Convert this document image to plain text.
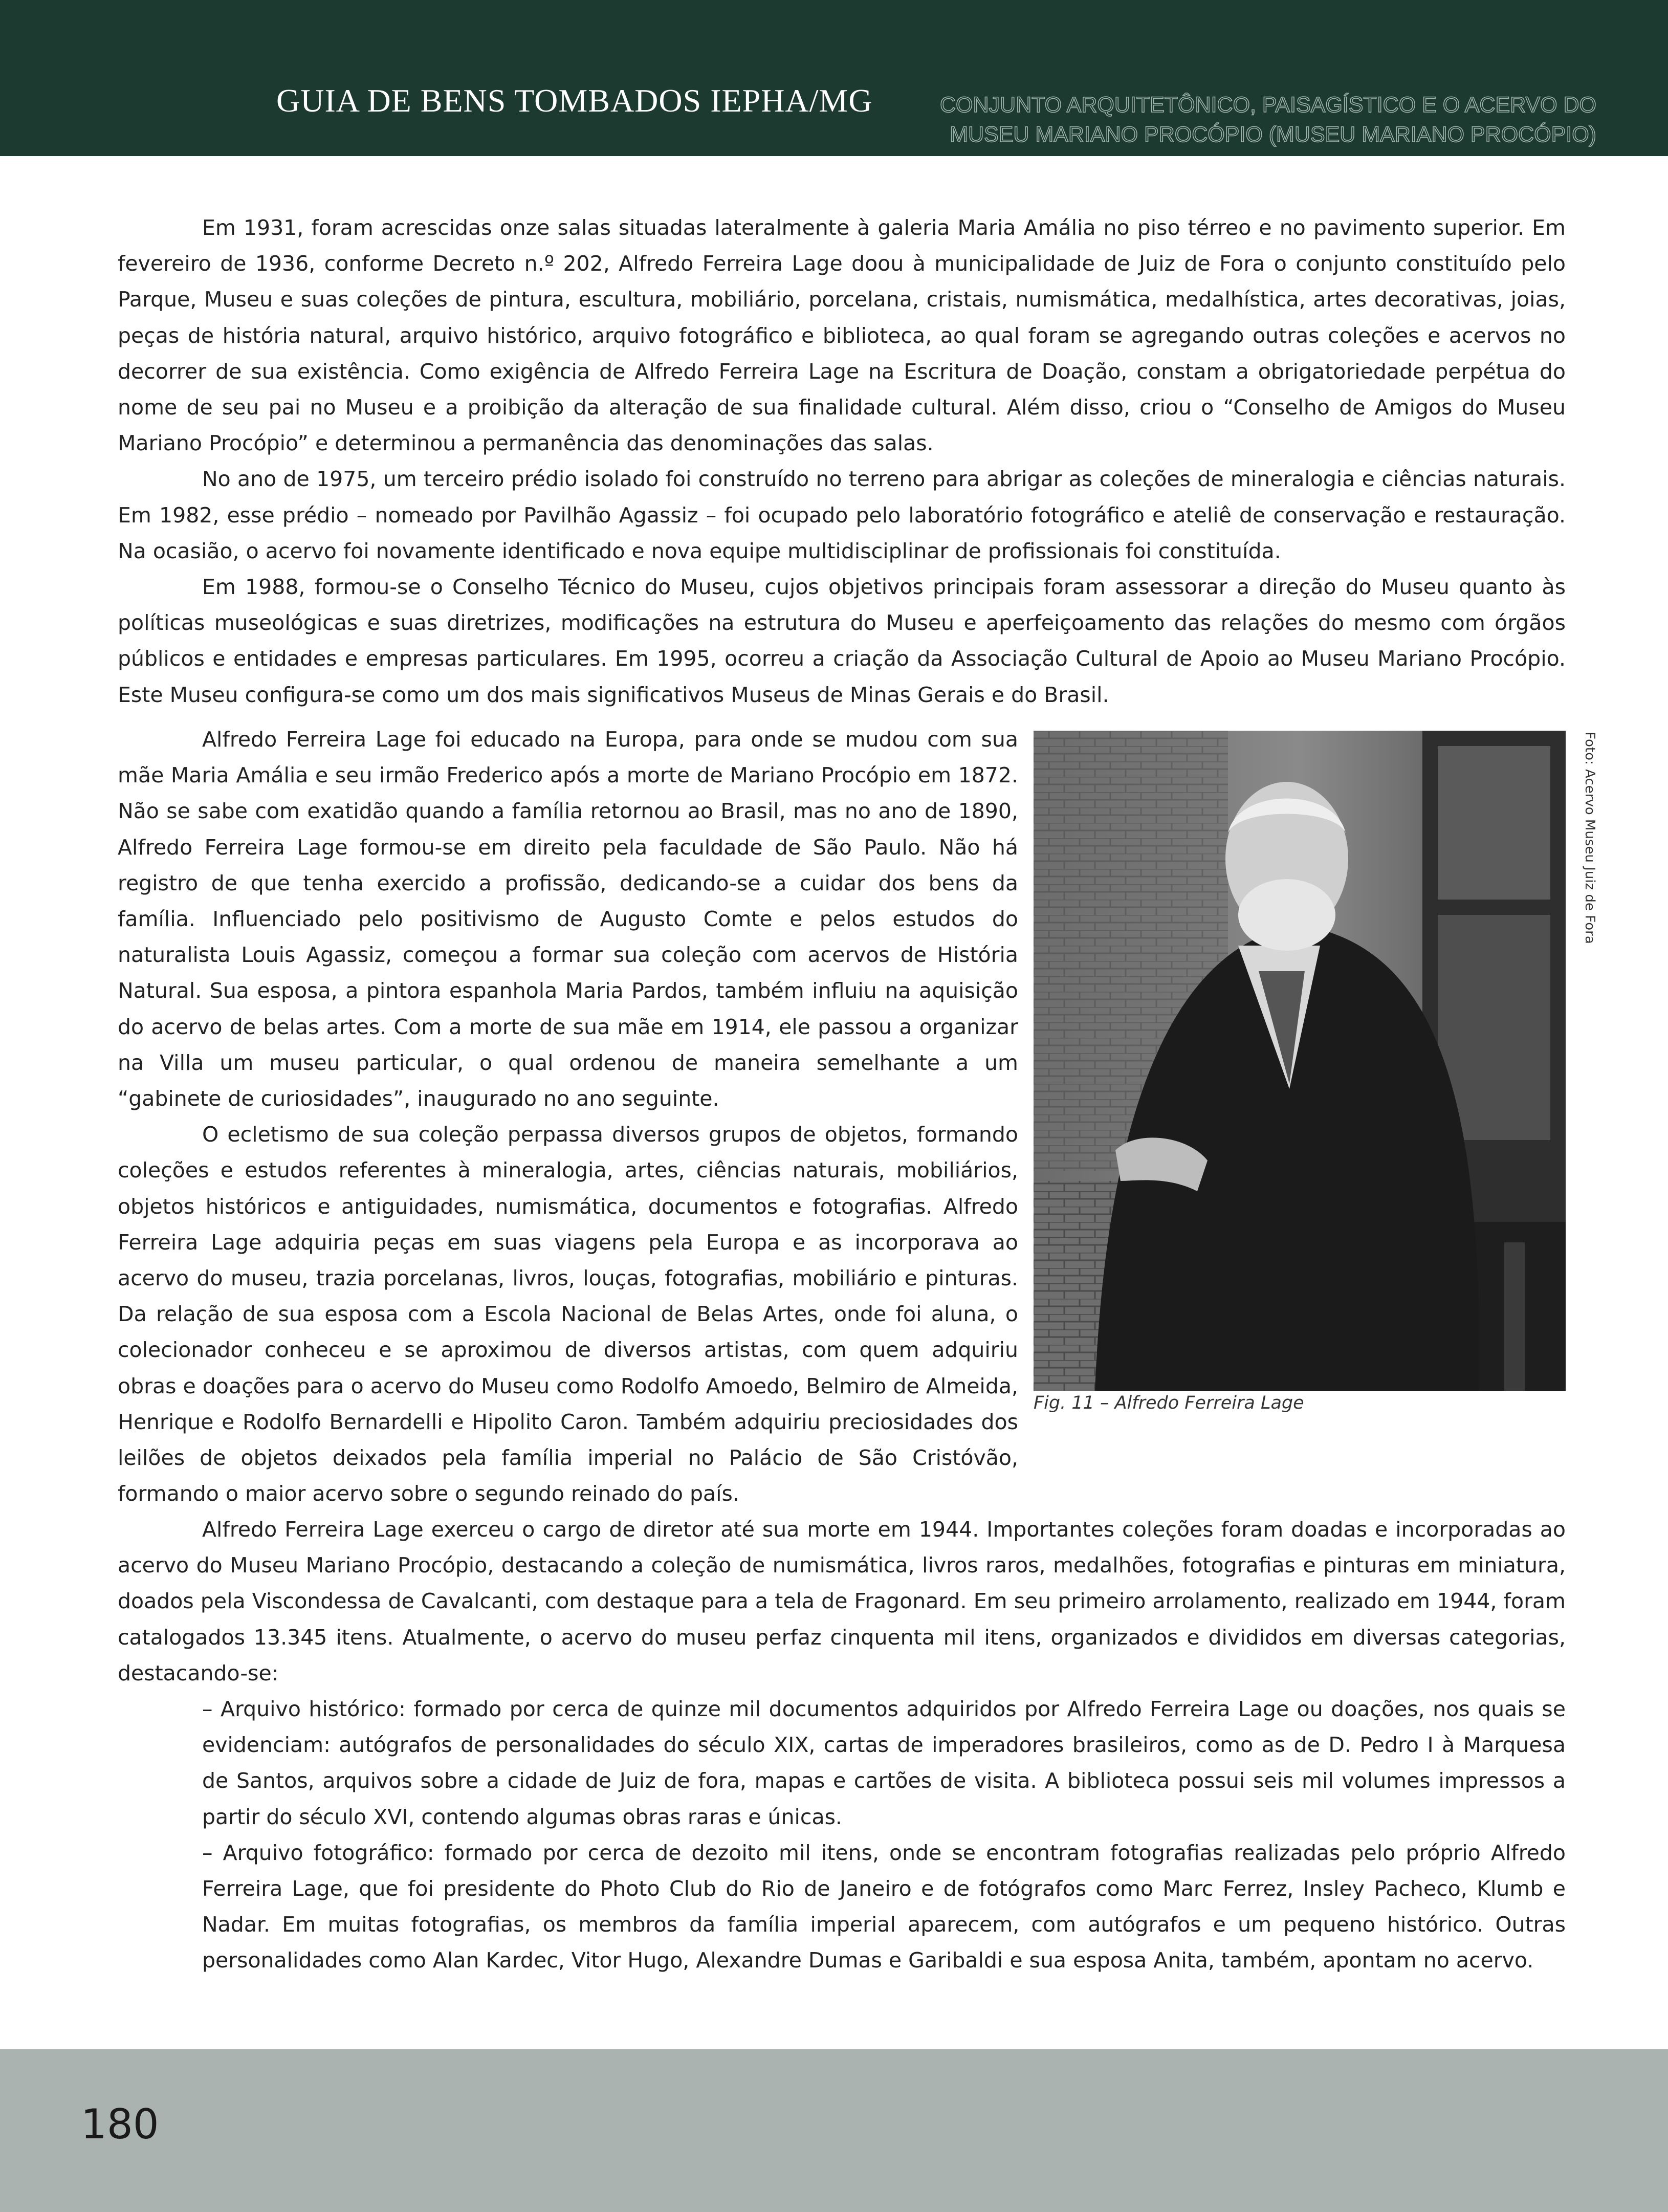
GUIA DE BENS TOMBADOS IEPHA/MG	CONJUNTO ARQUITETÔNICO, PAISAGÍSTICO E O ACERVO DO
MUSEU MARIANO PROCÓPIO (MUSEU MARIANO PROCÓPIO)

Em 1931, foram acrescidas onze salas situadas lateralmente à galeria Maria Amália no piso térreo e no pavimento superior. Em fevereiro de 1936, conforme Decreto n.º 202, Alfredo Ferreira Lage doou à municipalidade de Juiz de Fora o conjunto constituído pelo Parque, Museu e suas coleções de pintura, escultura, mobiliário, porcelana, cristais, numismática, medalhística, artes decorativas, joias, peças de história natural, arquivo histórico, arquivo fotográfico e biblioteca, ao qual foram se agregando outras coleções e acervos no decorrer de sua existência. Como exigência de Alfredo Ferreira Lage na Escritura de Doação, constam a obrigatoriedade perpétua do nome de seu pai no Museu e a proibição da alteração de sua finalidade cultural. Além disso, criou o “Conselho de Amigos do Museu Mariano Procópio” e determinou a permanência das denominações das salas.

No ano de 1975, um terceiro prédio isolado foi construído no terreno para abrigar as coleções de mineralogia e ciências naturais. Em 1982, esse prédio – nomeado por Pavilhão Agassiz – foi ocupado pelo laboratório fotográfico e ateliê de conservação e restauração. Na ocasião, o acervo foi novamente identificado e nova equipe multidisciplinar de profissionais foi constituída.

Em 1988, formou-se o Conselho Técnico do Museu, cujos objetivos principais foram assessorar a direção do Museu quanto às políticas museológicas e suas diretrizes, modificações na estrutura do Museu e aperfeiçoamento das relações do mesmo com órgãos públicos e entidades e empresas particulares. Em 1995, ocorreu a criação da Associação Cultural de Apoio ao Museu Mariano Procópio. Este Museu configura-se como um dos mais significativos Museus de Minas Gerais e do Brasil.

Alfredo Ferreira Lage foi educado na Europa, para onde se mudou com sua mãe Maria Amália e seu irmão Frederico após a morte de Mariano Procópio em 1872. Não se sabe com exatidão quando a família retornou ao Brasil, mas no ano de 1890, Alfredo Ferreira Lage formou-se em direito pela faculdade de São Paulo. Não há registro de que tenha exercido a profissão, dedicando-se a cuidar dos bens da família. Influenciado pelo positivismo de Augusto Comte e pelos estudos do naturalista Louis Agassiz, começou a formar sua coleção com acervos de História Natural. Sua esposa, a pintora espanhola Maria Pardos, também influiu na aquisição do acervo de belas artes. Com a morte de sua mãe em 1914, ele passou a organizar na Villa um museu particular, o qual ordenou de maneira semelhante a um “gabinete de curiosidades”, inaugurado no ano seguinte.

O ecletismo de sua coleção perpassa diversos grupos de objetos, formando coleções e estudos referentes à mineralogia, artes, ciências naturais, mobiliários, objetos históricos e antiguidades, numismática, documentos e fotografias. Alfredo Ferreira Lage adquiria peças em suas viagens pela Europa e as incorporava ao acervo do museu, trazia porcelanas, livros, louças, fotografias, mobiliário e pinturas. Da relação de sua esposa com a Escola Nacional de Belas Artes, onde foi aluna, o colecionador conheceu e se aproximou de diversos artistas, com quem adquiriu obras e doações para o acervo do Museu como Rodolfo Amoedo, Belmiro de Almeida, Henrique e Rodolfo Bernardelli e Hipolito Caron. Também adquiriu preciosidades dos leilões de objetos deixados pela família imperial no Palácio de São Cristóvão, formando o maior acervo sobre o segundo reinado do país.

Fig. 11 – Alfredo Ferreira Lage
Foto: Acervo Museu Juiz de Fora

Alfredo Ferreira Lage exerceu o cargo de diretor até sua morte em 1944. Importantes coleções foram doadas e incorporadas ao acervo do Museu Mariano Procópio, destacando a coleção de numismática, livros raros, medalhões, fotografias e pinturas em miniatura, doados pela Viscondessa de Cavalcanti, com destaque para a tela de Fragonard. Em seu primeiro arrolamento, realizado em 1944, foram catalogados 13.345 itens. Atualmente, o acervo do museu perfaz cinquenta mil itens, organizados e divididos em diversas categorias, destacando-se:

– Arquivo histórico: formado por cerca de quinze mil documentos adquiridos por Alfredo Ferreira Lage ou doações, nos quais se evidenciam: autógrafos de personalidades do século XIX, cartas de imperadores brasileiros, como as de D. Pedro I à Marquesa de Santos, arquivos sobre a cidade de Juiz de fora, mapas e cartões de visita. A biblioteca possui seis mil volumes impressos a partir do século XVI, contendo algumas obras raras e únicas.

– Arquivo fotográfico: formado por cerca de dezoito mil itens, onde se encontram fotografias realizadas pelo próprio Alfredo Ferreira Lage, que foi presidente do Photo Club do Rio de Janeiro e de fotógrafos como Marc Ferrez, Insley Pacheco, Klumb e Nadar. Em muitas fotografias, os membros da família imperial aparecem, com autógrafos e um pequeno histórico. Outras personalidades como Alan Kardec, Vitor Hugo, Alexandre Dumas e Garibaldi e sua esposa Anita, também, apontam no acervo.

180
